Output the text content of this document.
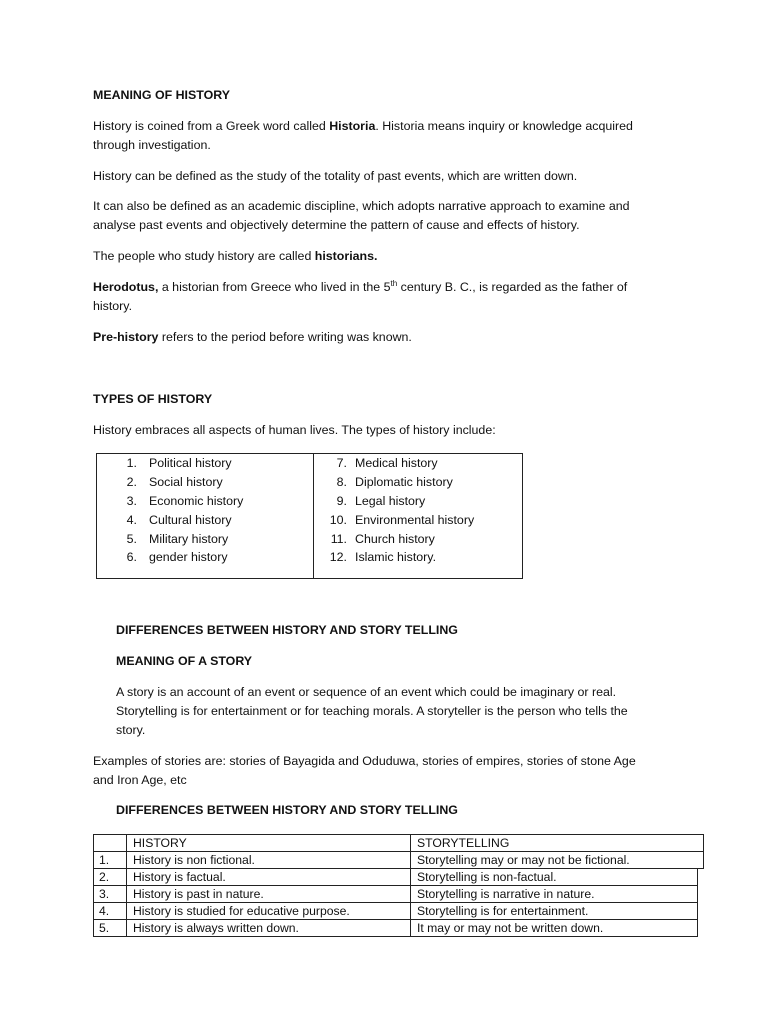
MEANING OF HISTORY

History is coined from a Greek word called Historia. Historia means inquiry or knowledge acquired
through investigation.

History can be defined as the study of the totality of past events, which are written down.

It can also be defined as an academic discipline, which adopts narrative approach to examine and
analyse past events and objectively determine the pattern of cause and effects of history.

The people who study history are called historians.

Herodotus, a historian from Greece who lived in the 5th century B. C., is regarded as the father of
history.

Pre-history refers to the period before writing was known.

TYPES OF HISTORY

History embraces all aspects of human lives. The types of history include:

1. Political history
2. Social history
3. Economic history
4. Cultural history
5. Military history
6. gender history
7. Medical history
8. Diplomatic history
9. Legal history
10. Environmental history
11. Church history
12. Islamic history.

DIFFERENCES BETWEEN HISTORY AND STORY TELLING

MEANING OF A STORY

A story is an account of an event or sequence of an event which could be imaginary or real.
Storytelling is for entertainment or for teaching morals. A storyteller is the person who tells the
story.

Examples of stories are: stories of Bayagida and Oduduwa, stories of empires, stories of stone Age
and Iron Age, etc

DIFFERENCES BETWEEN HISTORY AND STORY TELLING

	HISTORY	STORYTELLING
1.	History is non fictional.	Storytelling may or may not be fictional.
2.	History is factual.	Storytelling is non-factual.
3.	History is past in nature.	Storytelling is narrative in nature.
4.	History is studied for educative purpose.	Storytelling is for entertainment.
5.	History is always written down.	It may or may not be written down.
